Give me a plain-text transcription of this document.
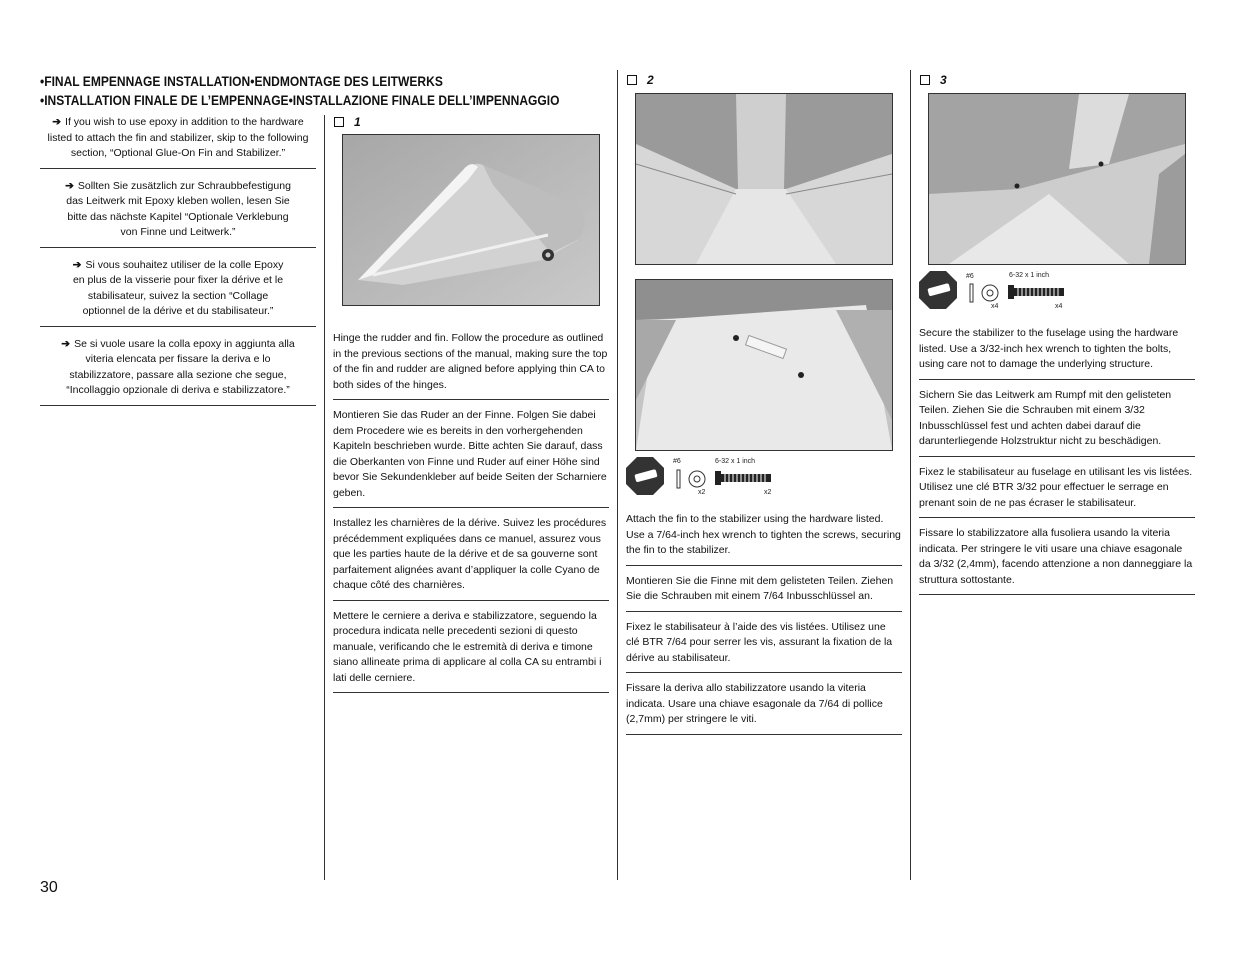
•FINAL EMPENNAGE INSTALLATION•ENDMONTAGE DES LEITWERKS
•INSTALLATION FINALE DE L’EMPENNAGE•INSTALLAZIONE FINALE DELL’IMPENNAGGIO
➔ If you wish to use epoxy in addition to the hardware listed to attach the fin and stabilizer, skip to the following section, “Optional Glue-On Fin and Stabilizer.”
➔ Sollten Sie zusätzlich zur Schraubbefestigung das Leitwerk mit Epoxy kleben wollen, lesen Sie bitte das nächste Kapitel “Optionale Verklebung von Finne und Leitwerk.”
➔ Si vous souhaitez utiliser de la colle Epoxy en plus de la visserie pour fixer la dérive et le stabilisateur, suivez la section “Collage optionnel de la dérive et du stabilisateur.”
➔ Se si vuole usare la colla epoxy in aggiunta alla viteria elencata per fissare la deriva e lo stabilizzatore, passare alla sezione che segue, “Incollaggio opzionale di deriva e stabilizzatore.”
1
Hinge the rudder and fin. Follow the procedure as outlined in the previous sections of the manual, making sure the top of the fin and rudder are aligned before applying thin CA to both sides of the hinges.
Montieren Sie das Ruder an der Finne. Folgen Sie dabei dem Procedere wie es bereits in den vorhergehenden Kapiteln beschrieben wurde. Bitte achten Sie darauf, dass die Oberkanten von Finne und Ruder auf einer Höhe sind bevor Sie Sekundenkleber auf beide Seiten der Scharniere geben.
Installez les charnières de la dérive. Suivez les procédures précédemment expliquées dans ce manuel, assurez vous que les parties haute de la dérive et de sa gouverne sont parfaitement alignées avant d’appliquer la colle Cyano de chaque côté des charnières.
Mettere le cerniere a deriva e stabilizzatore, seguendo la procedura indicata nelle precedenti sezioni di questo manuale, verificando che le estremità di deriva e timone siano allineate prima di applicare al colla CA su entrambi i lati delle cerniere.
2
#6
x2
6-32 x 1 inch
x2
Attach the fin to the stabilizer using the hardware listed. Use a 7/64-inch hex wrench to tighten the screws, securing the fin to the stabilizer.
Montieren Sie die Finne mit dem gelisteten Teilen. Ziehen Sie die Schrauben mit einem 7/64 Inbusschlüssel an.
Fixez le stabilisateur à l’aide des vis listées. Utilisez une clé BTR 7/64 pour serrer les vis, assurant la fixation de la dérive au stabilisateur.
Fissare la deriva allo stabilizzatore usando la viteria indicata. Usare una chiave esagonale da 7/64 di pollice (2,7mm) per stringere le viti.
3
#6
x4
6-32 x 1 inch
x4
Secure the stabilizer to the fuselage using the hardware listed. Use a 3/32-inch hex wrench to tighten the bolts, using care not to damage the underlying structure.
Sichern Sie das Leitwerk am Rumpf mit den gelisteten Teilen. Ziehen Sie die Schrauben mit einem 3/32 Inbusschlüssel fest und achten dabei darauf die darunterliegende Holzstruktur nicht zu beschädigen.
Fixez le stabilisateur au fuselage en utilisant les vis listées. Utilisez une clé BTR 3/32 pour effectuer le serrage en prenant soin de ne pas écraser le stabilisateur.
Fissare lo stabilizzatore alla fusoliera usando la viteria indicata. Per stringere le viti usare una chiave esagonale da 3/32 (2,4mm), facendo attenzione a non danneggiare la struttura sottostante.
30
